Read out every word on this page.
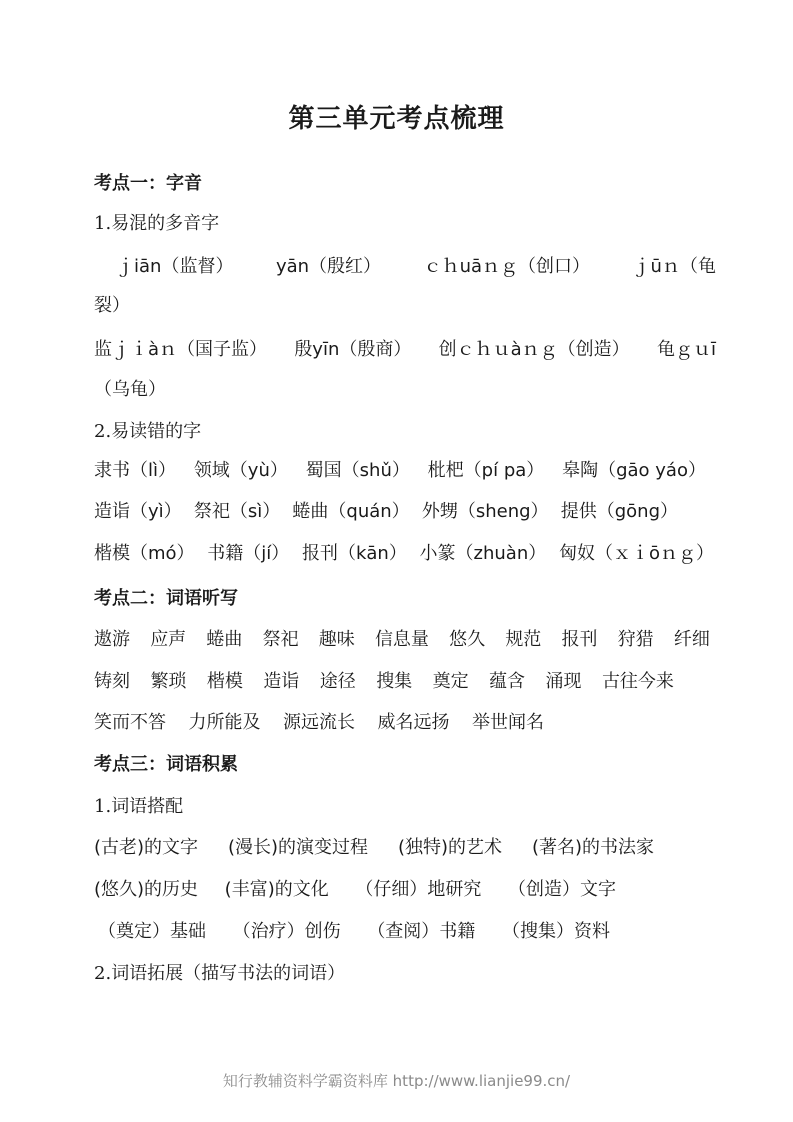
第三单元考点梳理
考点一：字音
1.易混的多音字
ｊiān（监督） yān（殷红） ｃｈuāｎｇ（创口） ｊūｎ（龟
裂）
监ｊｉàｎ（国子监） 殷yīn（殷商） 创ｃｈｕàｎｇ（创造） 龟ｇｕī
（乌龟）
2.易读错的字
隶书（lì） 领域（yù） 蜀国（shǔ） 枇杷（pí pa） 皋陶（gāo yáo）
造诣（yì） 祭祀（sì） 蜷曲（quán） 外甥（sheng） 提供（gōng）
楷模（mó） 书籍（jí） 报刊（kān） 小篆（zhuàn） 匈奴（ｘｉōｎｇ）
考点二：词语听写
遨游 应声 蜷曲 祭祀 趣味 信息量 悠久 规范 报刊 狩猎 纤细
铸刻 繁琐 楷模 造诣 途径 搜集 奠定 蕴含 涌现 古往今来
笑而不答 力所能及 源远流长 威名远扬 举世闻名
考点三：词语积累
1.词语搭配
(古老)的文字 (漫长)的演变过程 (独特)的艺术 (著名)的书法家
(悠久)的历史 (丰富)的文化 （仔细）地研究 （创造）文字
（奠定）基础 （治疗）创伤 （查阅）书籍 （搜集）资料
2.词语拓展（描写书法的词语）
知行教辅资料学霸资料库 http://www.lianjie99.cn/
